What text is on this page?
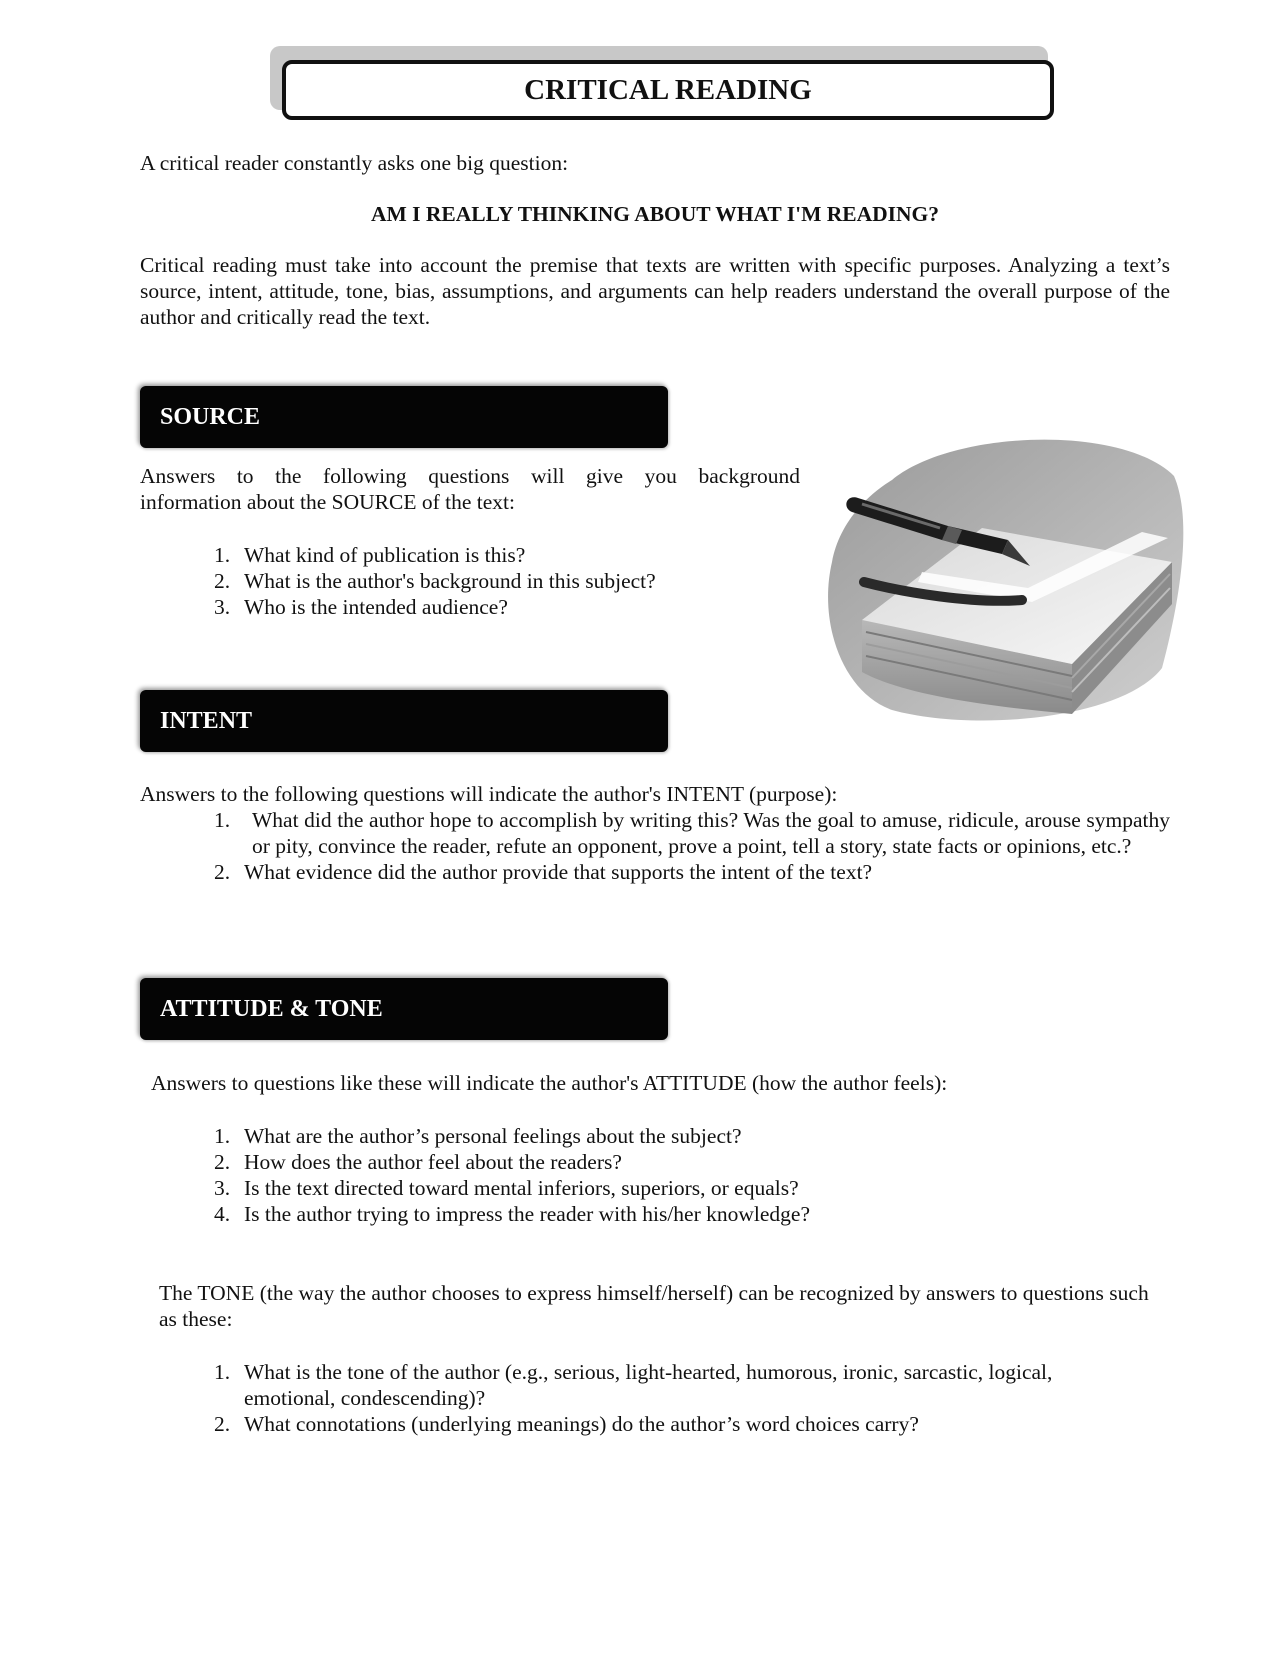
CRITICAL READING

A critical reader constantly asks one big question:

AM I REALLY THINKING ABOUT WHAT I'M READING?

Critical reading must take into account the premise that texts are written with specific purposes. Analyzing a text’s source, intent, attitude, tone, bias, assumptions, and arguments can help readers understand the overall purpose of the author and critically read the text.

SOURCE

Answers to the following questions will give you background

information about the SOURCE of the text:

1. What kind of publication is this?
2. What is the author's background in this subject?
3. Who is the intended audience?
INTENT

Answers to the following questions will indicate the author's INTENT (purpose):

1.	What did the author hope to accomplish by writing this? Was the goal to amuse, ridicule, arouse sympathy or pity, convince the reader, refute an opponent, prove a point, tell a story, state facts or opinions, etc.?
2. What evidence did the author provide that supports the intent of the text?
ATTITUDE & TONE

Answers to questions like these will indicate the author's ATTITUDE (how the author feels):

1. What are the author’s personal feelings about the subject?
2. How does the author feel about the readers?
3. Is the text directed toward mental inferiors, superiors, or equals?
4. Is the author trying to impress the reader with his/her knowledge?

The TONE (the way the author chooses to express himself/herself) can be recognized by answers to questions such as these:

1. What is the tone of the author (e.g., serious, light-hearted, humorous, ironic, sarcastic, logical, emotional, condescending)?
2. What connotations (underlying meanings) do the author’s word choices carry?
